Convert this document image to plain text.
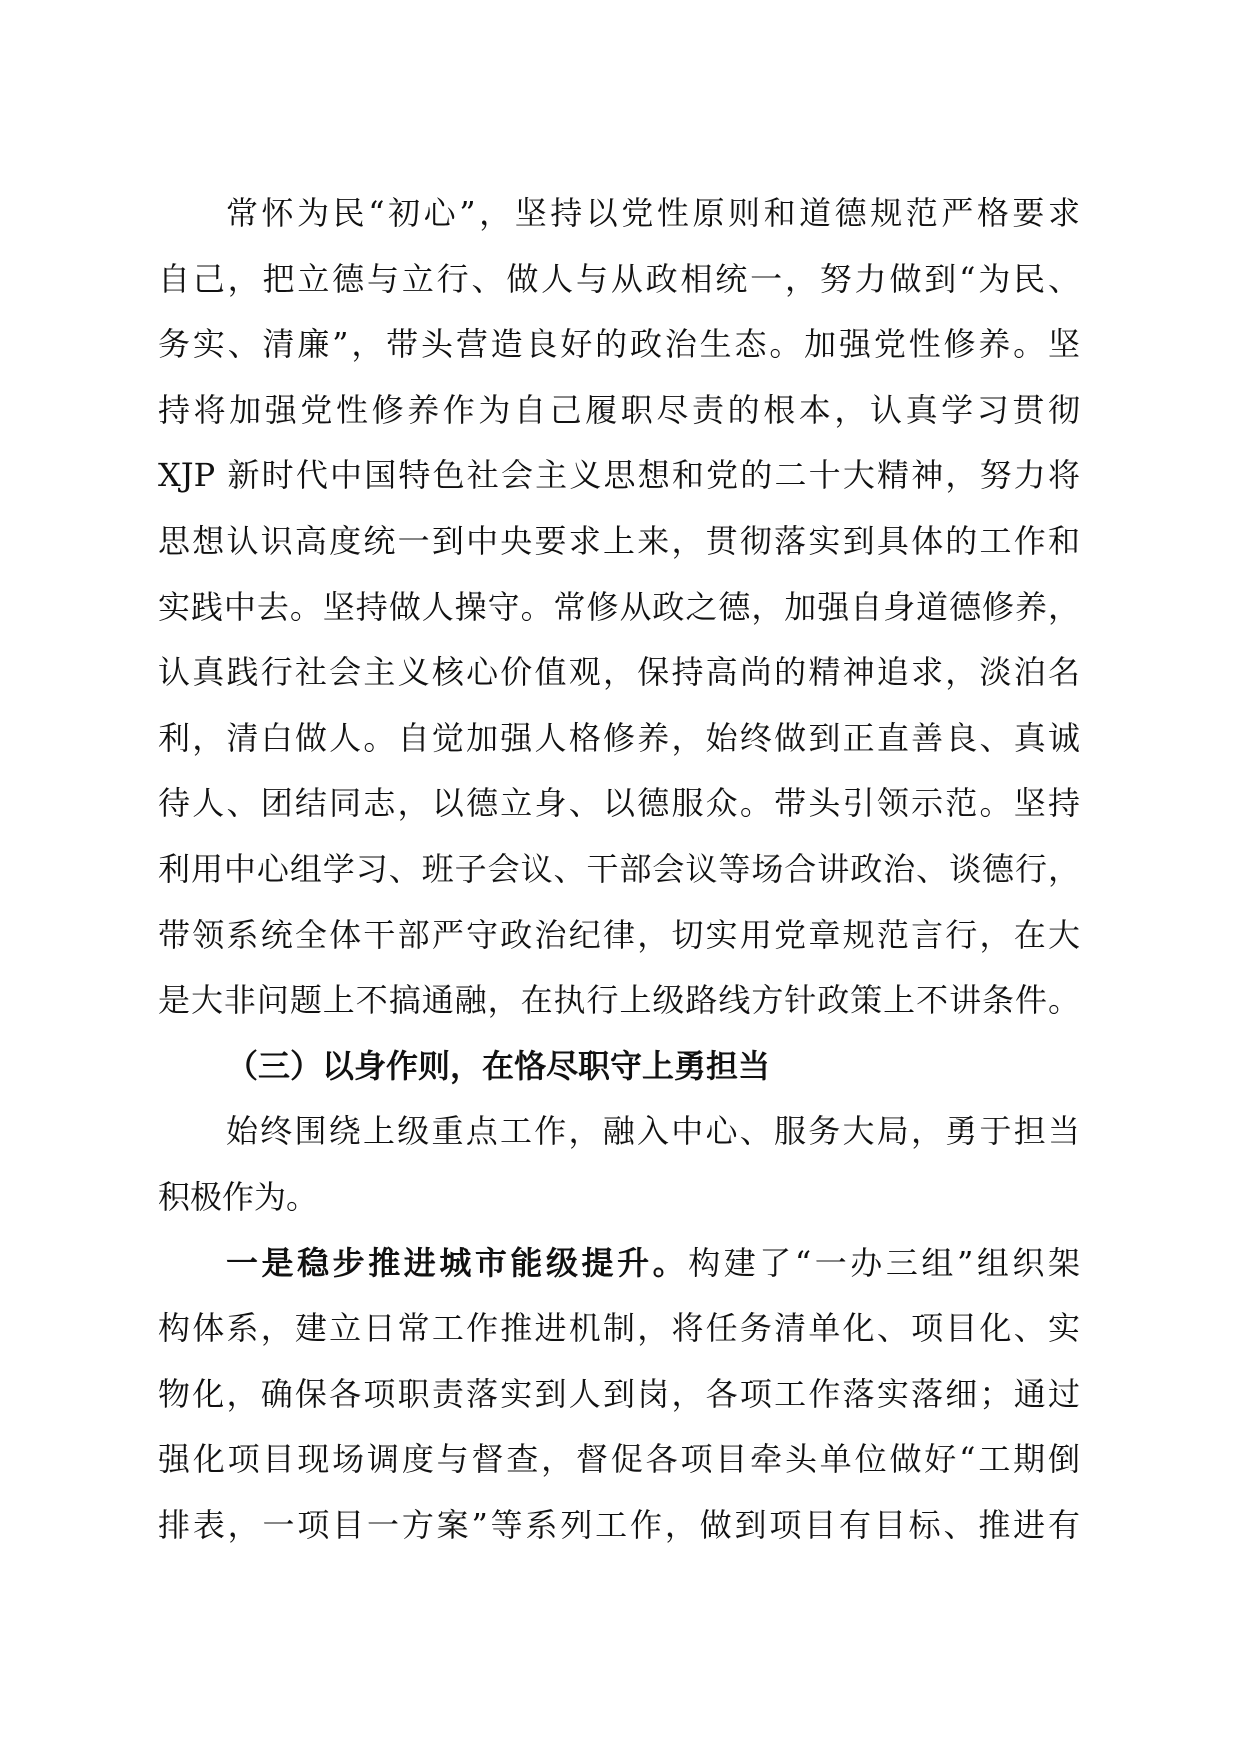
常怀为民“初心”，坚持以党性原则和道德规范严格要求
自己，把立德与立行、做人与从政相统一，努力做到“为民、
务实、清廉”，带头营造良好的政治生态。加强党性修养。坚
持将加强党性修养作为自己履职尽责的根本，认真学习贯彻
XJP 新时代中国特色社会主义思想和党的二十大精神，努力将
思想认识高度统一到中央要求上来，贯彻落实到具体的工作和
实践中去。坚持做人操守。常修从政之德，加强自身道德修养，
认真践行社会主义核心价值观，保持高尚的精神追求，淡泊名
利，清白做人。自觉加强人格修养，始终做到正直善良、真诚
待人、团结同志，以德立身、以德服众。带头引领示范。坚持
利用中心组学习、班子会议、干部会议等场合讲政治、谈德行，
带领系统全体干部严守政治纪律，切实用党章规范言行，在大
是大非问题上不搞通融，在执行上级路线方针政策上不讲条件。
（三）以身作则，在恪尽职守上勇担当
始终围绕上级重点工作，融入中心、服务大局，勇于担当
积极作为。
一是稳步推进城市能级提升。构建了“一办三组”组织架
构体系，建立日常工作推进机制，将任务清单化、项目化、实
物化，确保各项职责落实到人到岗，各项工作落实落细；通过
强化项目现场调度与督查，督促各项目牵头单位做好“工期倒
排表，一项目一方案”等系列工作，做到项目有目标、推进有
